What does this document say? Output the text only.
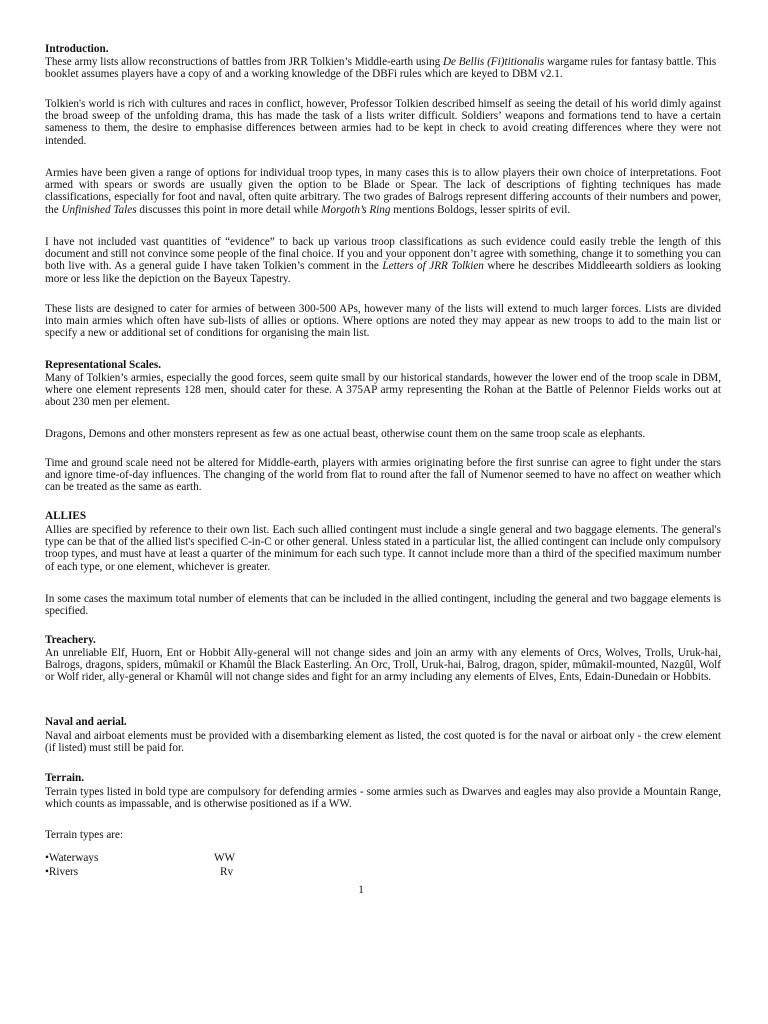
Introduction.

These army lists allow reconstructions of battles from JRR Tolkien’s Middle-earth using De Bellis (Fi)titionalis wargame rules for fantasy battle. This booklet assumes players have a copy of and a working knowledge of the DBFi rules which are keyed to DBM v2.1.

Tolkien's world is rich with cultures and races in conflict, however, Professor Tolkien described himself as seeing the detail of his world dimly against the broad sweep of the unfolding drama, this has made the task of a lists writer difficult. Soldiers’ weapons and formations tend to have a certain sameness to them, the desire to emphasise differences between armies had to be kept in check to avoid creating differences where they were not intended.

Armies have been given a range of options for individual troop types, in many cases this is to allow players their own choice of interpretations. Foot armed with spears or swords are usually given the option to be Blade or Spear. The lack of descriptions of fighting techniques has made classifications, especially for foot and naval, often quite arbitrary. The two grades of Balrogs represent differing accounts of their numbers and power, the Unfinished Tales discusses this point in more detail while Morgoth’s Ring mentions Boldogs, lesser spirits of evil.

I have not included vast quantities of “evidence” to back up various troop classifications as such evidence could easily treble the length of this document and still not convince some people of the final choice. If you and your opponent don’t agree with something, change it to something you can both live with. As a general guide I have taken Tolkien’s comment in the Letters of JRR Tolkien where he describes Middleearth soldiers as looking more or less like the depiction on the Bayeux Tapestry.

These lists are designed to cater for armies of between 300-500 APs, however many of the lists will extend to much larger forces. Lists are divided into main armies which often have sub-lists of allies or options. Where options are noted they may appear as new troops to add to the main list or specify a new or additional set of conditions for organising the main list.

Representational Scales.

Many of Tolkien’s armies, especially the good forces, seem quite small by our historical standards, however the lower end of the troop scale in DBM, where one element represents 128 men, should cater for these. A 375AP army representing the Rohan at the Battle of Pelennor Fields works out at about 230 men per element.

Dragons, Demons and other monsters represent as few as one actual beast, otherwise count them on the same troop scale as elephants.

Time and ground scale need not be altered for Middle-earth, players with armies originating before the first sunrise can agree to fight under the stars and ignore time-of-day influences. The changing of the world from flat to round after the fall of Numenor seemed to have no affect on weather which can be treated as the same as earth.

ALLIES

Allies are specified by reference to their own list. Each such allied contingent must include a single general and two baggage elements. The general's type can be that of the allied list's specified C-in-C or other general. Unless stated in a particular list, the allied contingent can include only compulsory troop types, and must have at least a quarter of the minimum for each such type. It cannot include more than a third of the specified maximum number of each type, or one element, whichever is greater.

In some cases the maximum total number of elements that can be included in the allied contingent, including the general and two baggage elements is specified.

Treachery.

An unreliable Elf, Huorn, Ent or Hobbit Ally-general will not change sides and join an army with any elements of Orcs, Wolves, Trolls, Uruk-hai, Balrogs, dragons, spiders, mûmakil or Khamûl the Black Easterling. An Orc, Troll, Uruk-hai, Balrog, dragon, spider, mûmakil-mounted, Nazgûl, Wolf or Wolf rider, ally-general or Khamûl will not change sides and fight for an army including any elements of Elves, Ents, Edain-Dunedain or Hobbits.

Naval and aerial.

Naval and airboat elements must be provided with a disembarking element as listed, the cost quoted is for the naval or airboat only - the crew element (if listed) must still be paid for.

Terrain.

Terrain types listed in bold type are compulsory for defending armies - some armies such as Dwarves and eagles may also provide a Mountain Range, which counts as impassable, and is otherwise positioned as if a WW.

Terrain types are:

•Waterways	WW
•Rivers	Rv
1
